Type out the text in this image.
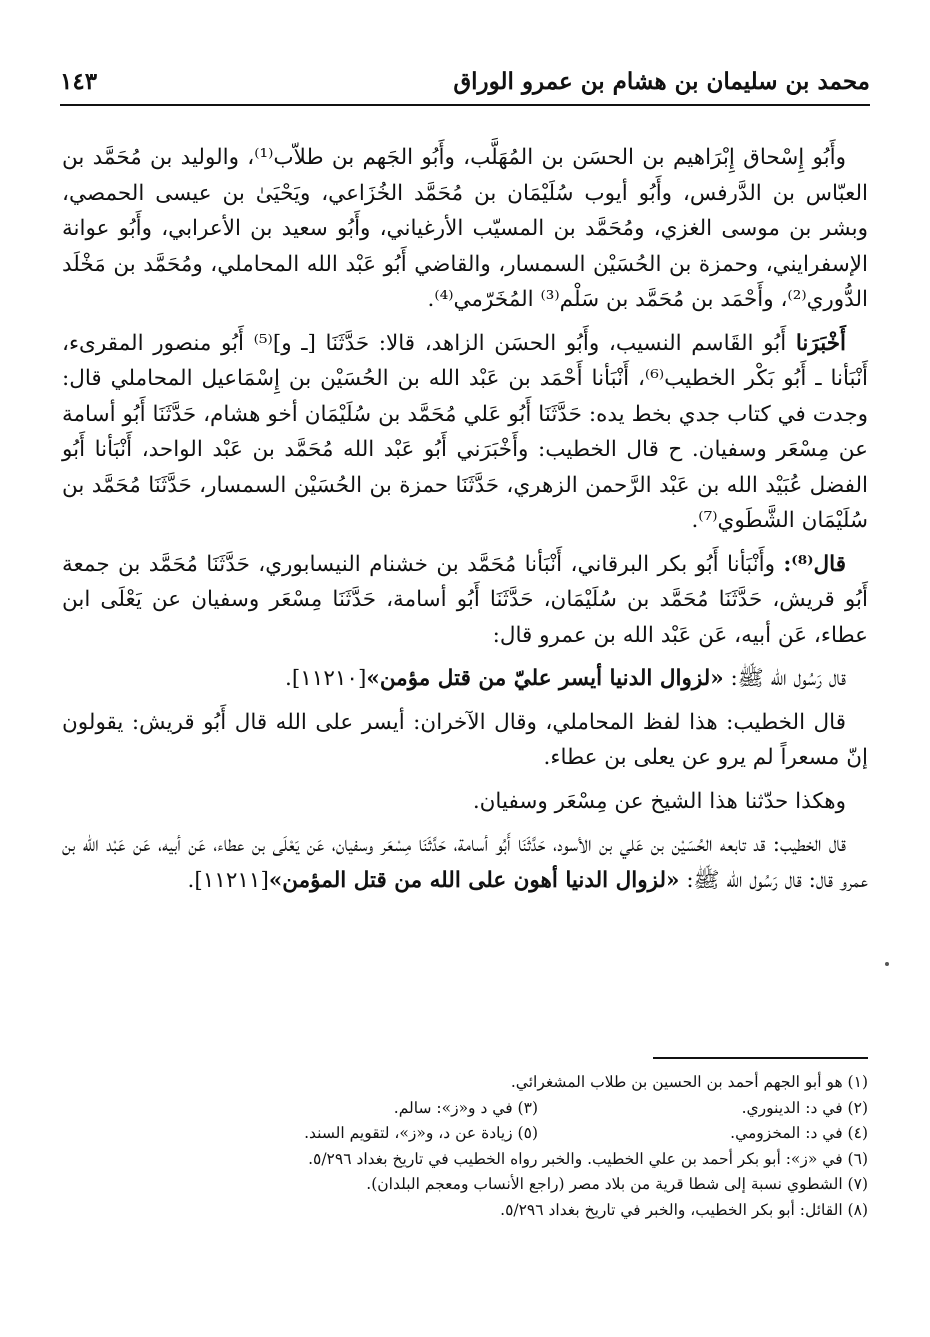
محمد بن سليمان بن هشام بن عمرو الوراق
١٤٣

وأَبُو إِسْحاق إِبْرَاهيم بن الحسَن بن المُهَلَّب، وأَبُو الجَهم بن طلاّب⁽¹⁾، والوليد بن مُحَمَّد بن العبّاس بن الدَّرفس، وأَبُو أيوب سُلَيْمَان بن مُحَمَّد الخُزَاعي، ويَحْيَىٰ بن عيسى الحمصي، وبشر بن موسى الغزي، ومُحَمَّد بن المسيّب الأرغياني، وأَبُو سعيد بن الأعرابي، وأَبُو عوانة الإسفرايني، وحمزة بن الحُسَيْن السمسار، والقاضي أَبُو عَبْد الله المحاملي، ومُحَمَّد بن مَخْلَد الدُّوري⁽²⁾، وأَحْمَد بن مُحَمَّد بن سَلْم⁽³⁾ المُخَرّمي⁽⁴⁾.

أَخْبَرَنا أَبُو القَاسم النسيب، وأَبُو الحسَن الزاهد، قالا: حَدَّثَنَا [ـ و]⁽⁵⁾ أَبُو منصور المقرىء، أَنْبَأنا ـ أَبُو بَكْر الخطيب⁽⁶⁾، أَنْبَأنا أَحْمَد بن عَبْد الله بن الحُسَيْن بن إِسْمَاعيل المحاملي قال: وجدت في كتاب جدي بخط يده: حَدَّثَنَا أَبُو عَلي مُحَمَّد بن سُلَيْمَان أخو هشام، حَدَّثَنَا أَبُو أسامة عن مِسْعَر وسفيان. ح قال الخطيب: وأَخْبَرَني أَبُو عَبْد الله مُحَمَّد بن عَبْد الواحد، أَنْبَأنا أَبُو الفضل عُبَيْد الله بن عَبْد الرَّحمن الزهري، حَدَّثَنَا حمزة بن الحُسَيْن السمسار، حَدَّثَنَا مُحَمَّد بن سُلَيْمَان الشَّطَوي⁽⁷⁾.

قال⁽⁸⁾: وأَنْبَأنا أَبُو بكر البرقاني، أَنْبَأنا مُحَمَّد بن خشنام النيسابوري، حَدَّثَنَا مُحَمَّد بن جمعة أَبُو قريش، حَدَّثَنَا مُحَمَّد بن سُلَيْمَان، حَدَّثَنَا أَبُو أسامة، حَدَّثَنَا مِسْعَر وسفيان عن يَعْلَى ابن عطاء، عَن أبيه، عَن عَبْد الله بن عمرو قال:

قال رَسُول الله ﷺ: «لزوال الدنيا أيسر عليّ من قتل مؤمن»[١١٢١٠].

قال الخطيب: هذا لفظ المحاملي، وقال الآخران: أيسر على الله قال أَبُو قريش: يقولون إنّ مسعراً لم يرو عن يعلى بن عطاء.

وهكذا حدّثنا هذا الشيخ عن مِسْعَر وسفيان.

قال الخطيب: قد تابعه الحُسَيْن بن عَلي بن الأسود، حَدَّثَنَا أَبُو أسامة، حَدَّثَنَا مِسْعَر وسفيان، عَن يَعْلَى بن عطاء، عَن أبيه، عَن عَبْد الله بن عمرو قال: قال رَسُول الله ﷺ: «لزوال الدنيا أهون على الله من قتل المؤمن»[١١٢١١].

(١) هو أبو الجهم أحمد بن الحسين بن طلاب المشغرائي.
(٢) في د: الدينوري.
(٣) في د و«ز»: سالم.
(٤) في د: المخزومي.
(٥) زيادة عن د، و«ز»، لتقويم السند.
(٦) في «ز»: أبو بكر أحمد بن علي الخطيب. والخبر رواه الخطيب في تاريخ بغداد ٥/٢٩٦.
(٧) الشطوي نسبة إلى شطا قرية من بلاد مصر (راجع الأنساب ومعجم البلدان).
(٨) القائل: أبو بكر الخطيب، والخبر في تاريخ بغداد ٥/٢٩٦.
